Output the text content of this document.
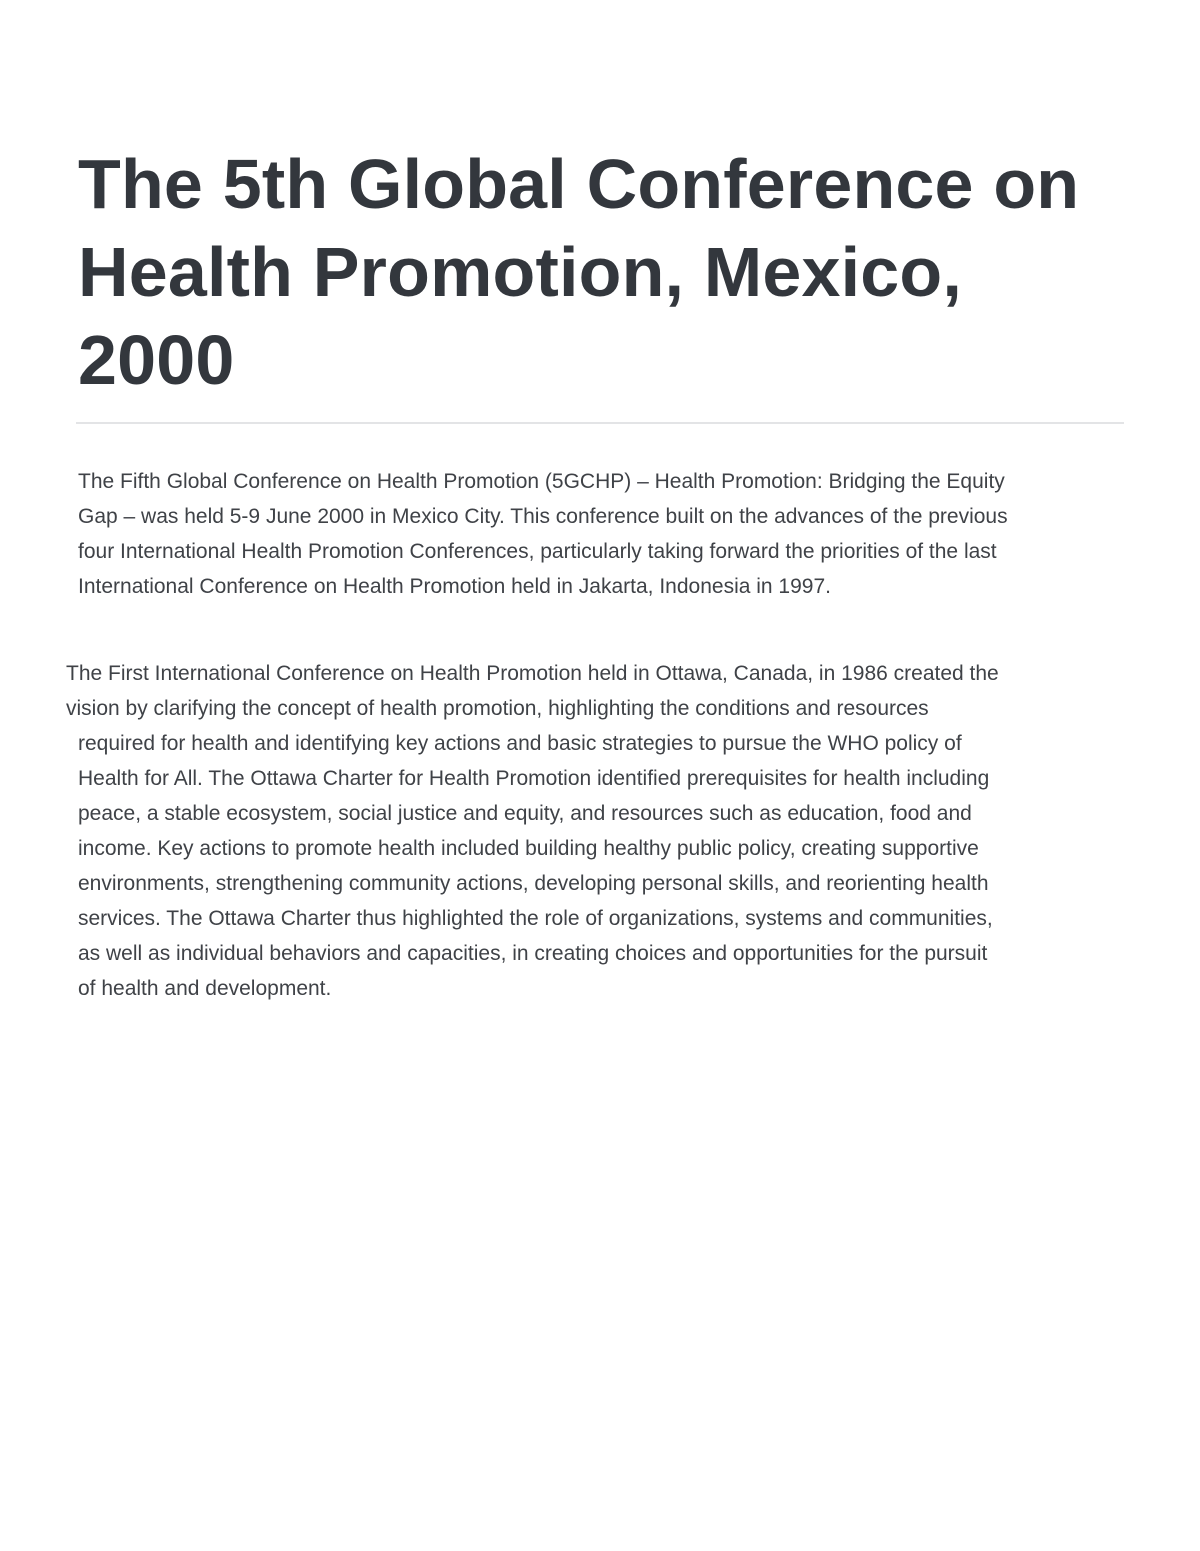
The 5th Global Conference on
Health Promotion, Mexico,
2000

The Fifth Global Conference on Health Promotion (5GCHP) – Health Promotion: Bridging the Equity
Gap – was held 5-9 June 2000 in Mexico City. This conference built on the advances of the previous
four International Health Promotion Conferences, particularly taking forward the priorities of the last
International Conference on Health Promotion held in Jakarta, Indonesia in 1997.

The First International Conference on Health Promotion held in Ottawa, Canada, in 1986 created the
vision by clarifying the concept of health promotion, highlighting the conditions and resources
required for health and identifying key actions and basic strategies to pursue the WHO policy of
Health for All. The Ottawa Charter for Health Promotion identified prerequisites for health including
peace, a stable ecosystem, social justice and equity, and resources such as education, food and
income. Key actions to promote health included building healthy public policy, creating supportive
environments, strengthening community actions, developing personal skills, and reorienting health
services. The Ottawa Charter thus highlighted the role of organizations, systems and communities,
as well as individual behaviors and capacities, in creating choices and opportunities for the pursuit
of health and development.
